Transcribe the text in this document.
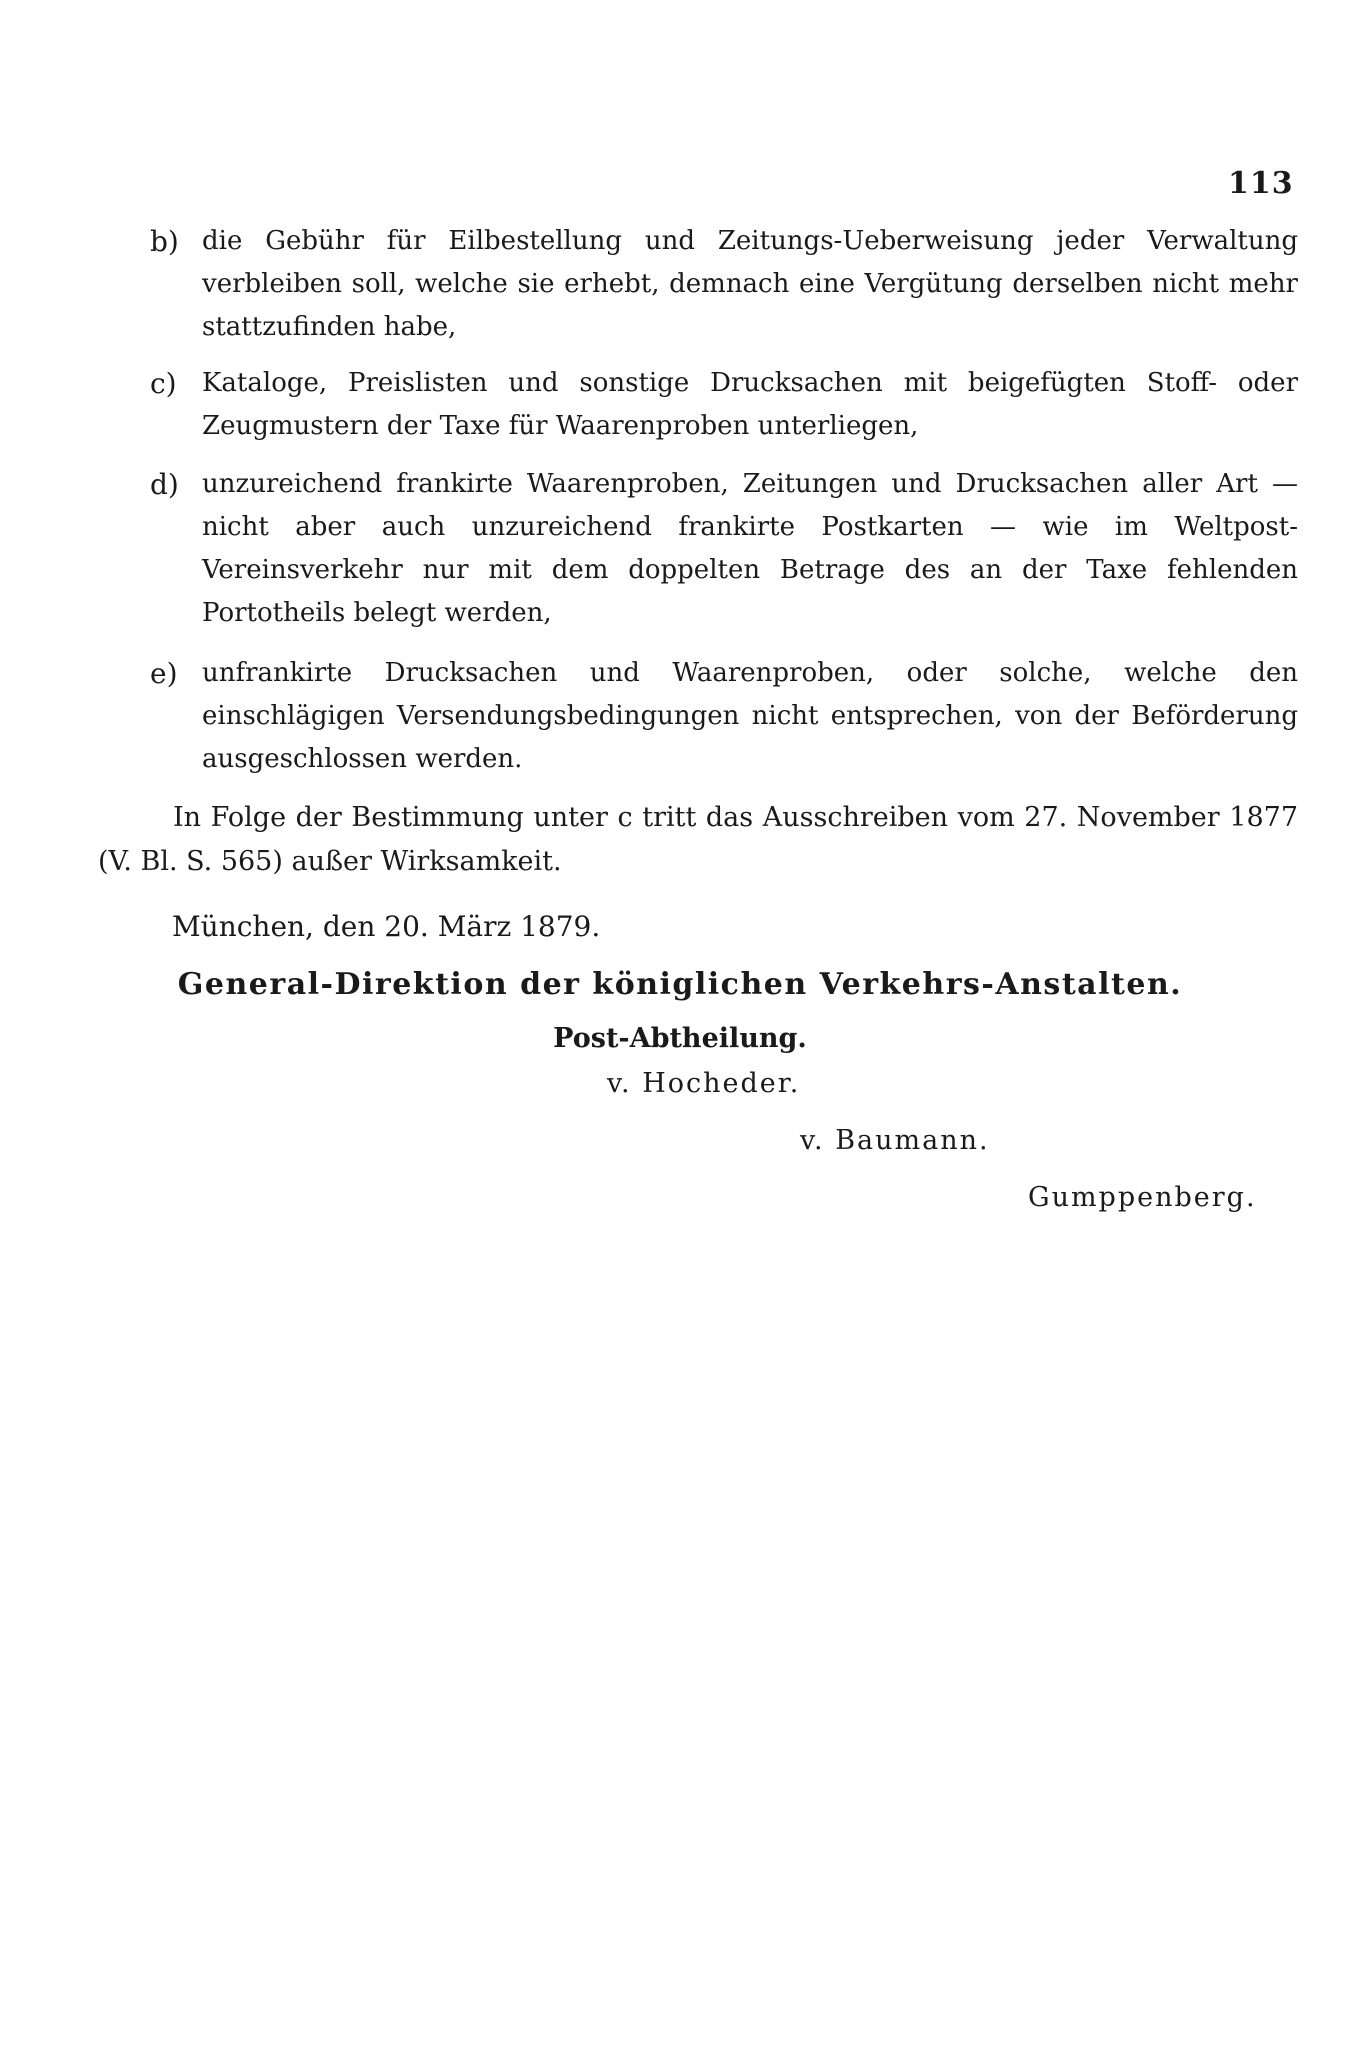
113
b) die Gebühr für Eilbestellung und Zeitungs-Ueberweisung jeder Verwaltung verbleiben soll, welche sie erhebt, demnach eine Vergütung derselben nicht mehr stattzufinden habe,
c) Kataloge, Preislisten und sonstige Drucksachen mit beigefügten Stoff- oder Zeugmustern der Taxe für Waarenproben unterliegen,
d) unzureichend frankirte Waarenproben, Zeitungen und Drucksachen aller Art — nicht aber auch unzureichend frankirte Postkarten — wie im Weltpost-Vereinsverkehr nur mit dem doppelten Betrage des an der Taxe fehlenden Portotheils belegt werden,
e) unfrankirte Drucksachen und Waarenproben, oder solche, welche den einschlägigen Versendungsbedingungen nicht entsprechen, von der Beförderung ausgeschlossen werden.
In Folge der Bestimmung unter c tritt das Ausschreiben vom 27. November 1877 (V. Bl. S. 565) außer Wirksamkeit.
München, den 20. März 1879.
General-Direktion der königlichen Verkehrs-Anstalten.
Post-Abtheilung.
v. Hocheder.
v. Baumann.
Gumppenberg.
